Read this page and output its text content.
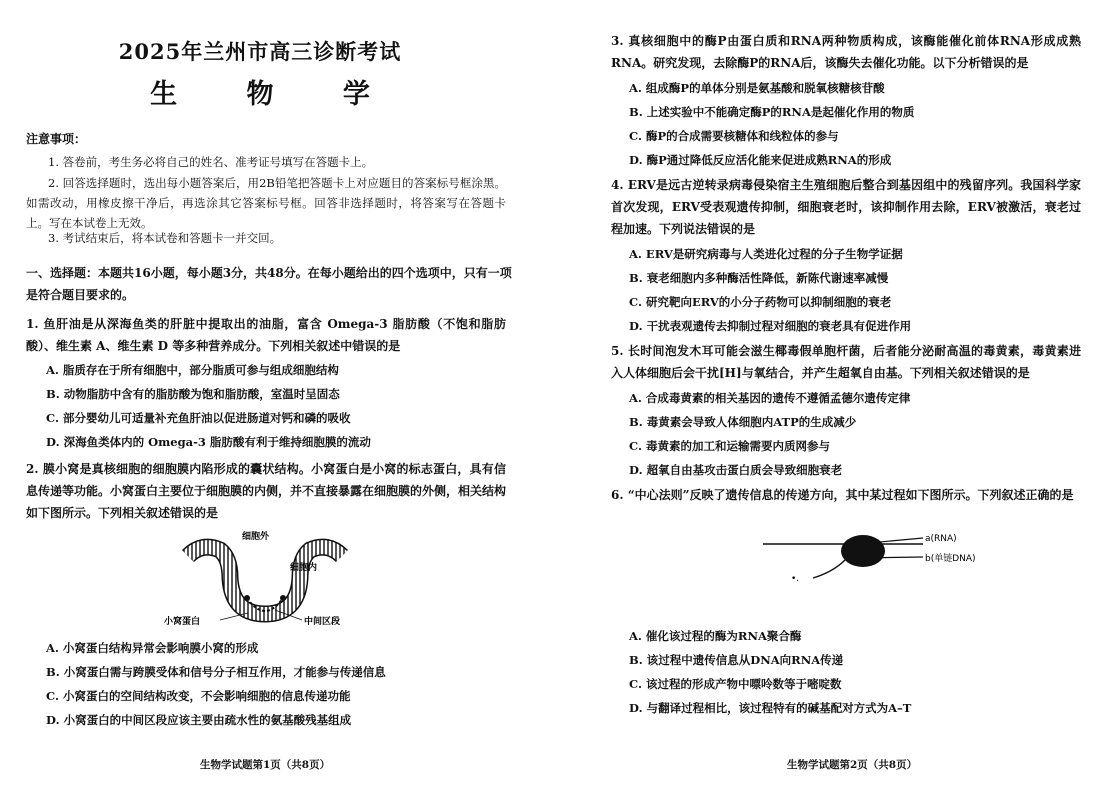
2025年兰州市高三诊断考试
生 物 学
注意事项：
1. 答卷前，考生务必将自己的姓名、准考证号填写在答题卡上。
2. 回答选择题时，选出每小题答案后，用2B铅笔把答题卡上对应题目的答案标号框涂黑。如需改动，用橡皮擦干净后，再选涂其它答案标号框。回答非选择题时，将答案写在答题卡上。写在本试卷上无效。
3. 考试结束后，将本试卷和答题卡一并交回。
一、选择题：本题共16小题，每小题3分，共48分。在每小题给出的四个选项中，只有一项是符合题目要求的。
1. 鱼肝油是从深海鱼类的肝脏中提取出的油脂，富含 Omega-3 脂肪酸（不饱和脂肪酸）、维生素 A、维生素 D 等多种营养成分。下列相关叙述中错误的是
A. 脂质存在于所有细胞中，部分脂质可参与组成细胞结构
B. 动物脂肪中含有的脂肪酸为饱和脂肪酸，室温时呈固态
C. 部分婴幼儿可适量补充鱼肝油以促进肠道对钙和磷的吸收
D. 深海鱼类体内的 Omega-3 脂肪酸有利于维持细胞膜的流动
2. 膜小窝是真核细胞的细胞膜内陷形成的囊状结构。小窝蛋白是小窝的标志蛋白，具有信息传递等功能。小窝蛋白主要位于细胞膜的内侧，并不直接暴露在细胞膜的外侧，相关结构如下图所示。下列相关叙述错误的是
细胞外
细胞内
小窝蛋白	中间区段
A. 小窝蛋白结构异常会影响膜小窝的形成
B. 小窝蛋白需与跨膜受体和信号分子相互作用，才能参与传递信息
C. 小窝蛋白的空间结构改变，不会影响细胞的信息传递功能
D. 小窝蛋白的中间区段应该主要由疏水性的氨基酸残基组成
生物学试题第1页（共8页）
3. 真核细胞中的酶P由蛋白质和RNA两种物质构成，该酶能催化前体RNA形成成熟RNA。研究发现，去除酶P的RNA后，该酶失去催化功能。以下分析错误的是
A. 组成酶P的单体分别是氨基酸和脱氧核糖核苷酸
B. 上述实验中不能确定酶P的RNA是起催化作用的物质
C. 酶P的合成需要核糖体和线粒体的参与
D. 酶P通过降低反应活化能来促进成熟RNA的形成
4. ERV是远古逆转录病毒侵染宿主生殖细胞后整合到基因组中的残留序列。我国科学家首次发现，ERV受表观遗传抑制，细胞衰老时，该抑制作用去除，ERV被激活，衰老过程加速。下列说法错误的是
A. ERV是研究病毒与人类进化过程的分子生物学证据
B. 衰老细胞内多种酶活性降低，新陈代谢速率减慢
C. 研究靶向ERV的小分子药物可以抑制细胞的衰老
D. 干扰表观遗传去抑制过程对细胞的衰老具有促进作用
5. 长时间泡发木耳可能会滋生椰毒假单胞杆菌，后者能分泌耐高温的毒黄素，毒黄素进入人体细胞后会干扰[H]与氧结合，并产生超氧自由基。下列相关叙述错误的是
A. 合成毒黄素的相关基因的遗传不遵循孟德尔遗传定律
B. 毒黄素会导致人体细胞内ATP的生成减少
C. 毒黄素的加工和运输需要内质网参与
D. 超氧自由基攻击蛋白质会导致细胞衰老
6. “中心法则”反映了遗传信息的传递方向，其中某过程如下图所示。下列叙述正确的是
•.
a(RNA)
b(单链DNA)
A. 催化该过程的酶为RNA聚合酶
B. 该过程中遗传信息从DNA向RNA传递
C. 该过程的形成产物中嘌呤数等于嘧啶数
D. 与翻译过程相比，该过程特有的碱基配对方式为A–T
生物学试题第2页（共8页）
